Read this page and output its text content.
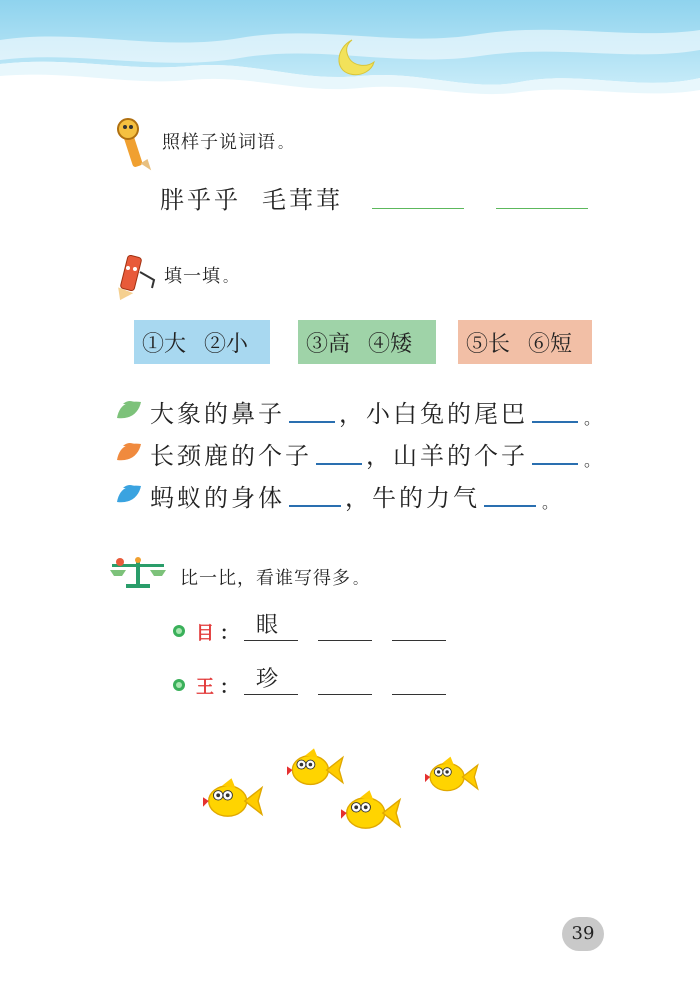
照样子说词语 。
胖乎乎 毛茸茸
填一填 。
①大 ②小	③高 ④矮 ⑤长 ⑥短
大象的鼻子 ， 小白兔的尾巴	。
长颈鹿的个子 ， 山羊的个子	。
蚂蚁的身体	， 牛的力气	。
比一比，看谁写得多 。
目 ： 眼
王 ： 珍
39
